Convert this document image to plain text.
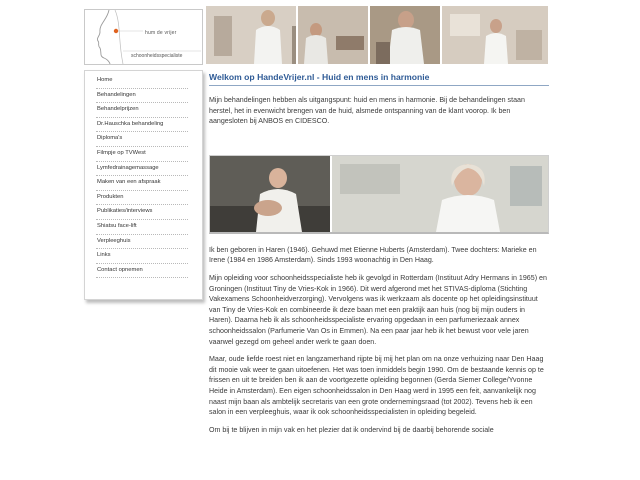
hum de vrijer
schoonheidsspecialiste
Home
Behandelingen
Behandelprijzen
Dr.Hauschka behandeling
Diploma's
Filmpje op TVWest
Lymfedrainagemassage
Maken van een afspraak
Produkten
Publikaties/interviews
Shiatsu face-lift
Verpleeghuis
Links
Contact opnemen
Welkom op HandeVrijer.nl - Huid en mens in harmonie

Mijn behandelingen hebben als uitgangspunt: huid en mens in harmonie. Bij de behandelingen staan herstel, het in evenwicht brengen van de huid, alsmede ontspanning van de klant voorop. Ik ben aangesloten bij ANBOS en CIDESCO.

Ik ben geboren in Haren (1946). Gehuwd met Etienne Huberts (Amsterdam). Twee dochters: Marieke en Irene (1984 en 1986 Amsterdam). Sinds 1993 woonachtig in Den Haag.

Mijn opleiding voor schoonheidsspecialiste heb ik gevolgd in Rotterdam (Instituut Adry Hermans in 1965) en Groningen (Instituut Tiny de Vries-Kok in 1966). Dit werd afgerond met het STIVAS-diploma (Stichting Vakexamens Schoonheidverzorging). Vervolgens was ik werkzaam als docente op het opleidingsinstituut van Tiny de Vries-Kok en combineerde ik deze baan met een praktijk aan huis (nog bij mijn ouders in Haren). Daarna heb ik als schoonheidsspecialiste ervaring opgedaan in een parfumeriezaak annex schoonheidssalon (Parfumerie Van Os in Emmen). Na een paar jaar heb ik het bewust voor vele jaren vaarwel gezegd om geheel ander werk te gaan doen.

Maar, oude liefde roest niet en langzamerhand rijpte bij mij het plan om na onze verhuizing naar Den Haag dit mooie vak weer te gaan uitoefenen. Het was toen inmiddels begin 1990. Om de bestaande kennis op te frissen en uit te breiden ben ik aan de voortgezette opleiding begonnen (Gerda Siemer College/Yvonne Heide in Amsterdam). Een eigen schoonheidssalon in Den Haag werd in 1995 een feit, aanvankelijk nog naast mijn baan als ambtelijk secretaris van een grote ondernemingsraad (tot 2002). Tevens heb ik een salon in een verpleeghuis, waar ik ook schoonheidsspecialisten in opleiding begeleid.

Om bij te blijven in mijn vak en het plezier dat ik ondervind bij de daarbij behorende sociale
